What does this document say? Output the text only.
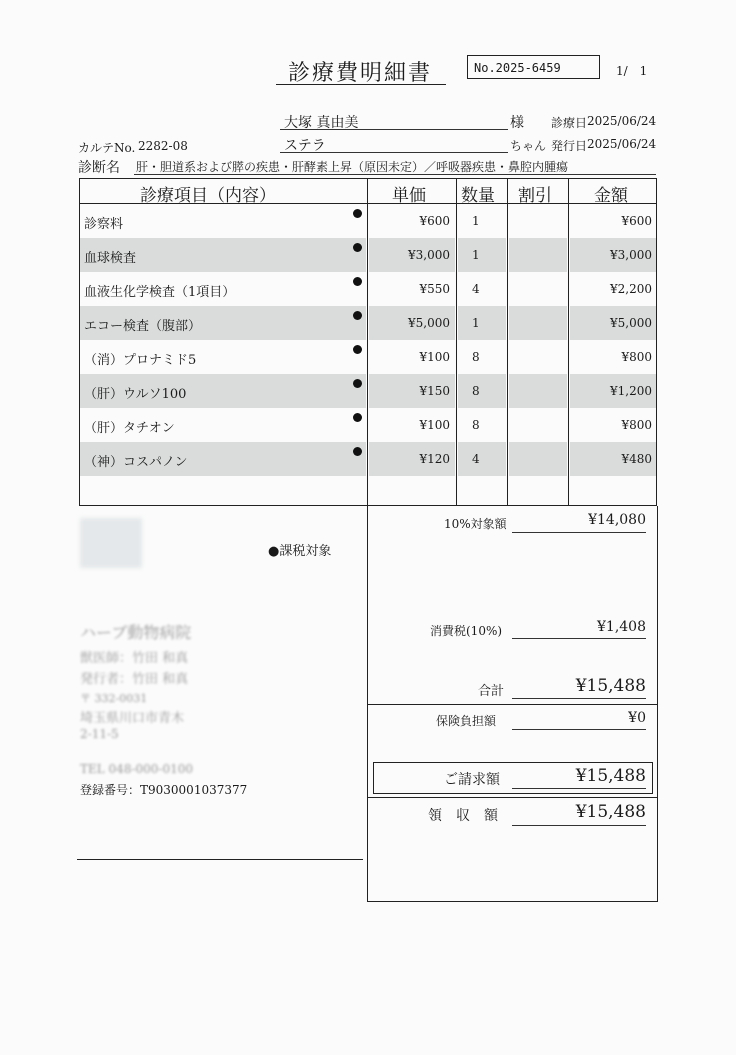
診療費明細書	No.2025-6459	1/　1
大塚 真由美	様 診療日 2025/06/24
カルテNo. 2282-08	ステラ	ちゃん 発行日 2025/06/24
診断名 肝・胆道系および膵の疾患・肝酵素上昇（原因未定）／呼吸器疾患・鼻腔内腫瘍
診療項目（内容）	単価 数量 割引 金額
診察料	¥600 1	¥600
血球検査	¥3,000 1	¥3,000
血液生化学検査（1項目）	¥550 4	¥2,200
エコー検査（腹部）	¥5,000 1	¥5,000
（消）プロナミド5	¥100 8	¥800
（肝）ウルソ100	¥150 8	¥1,200
（肝）タチオン	¥100 8	¥800
（神）コスパノン	¥120 4	¥480
●課税対象
10%対象額	¥14,080
消費税(10%)	¥1,408
合計	¥15,488
保険負担額	¥0
ご請求額	¥15,488
領　収　額	¥15,488
ハーブ動物病院
獣医師：竹田 和真
発行者：竹田 和真
〒 332-0031
埼玉県川口市青木
2-11-5
TEL 048-000-0100
登録番号：T9030001037377
